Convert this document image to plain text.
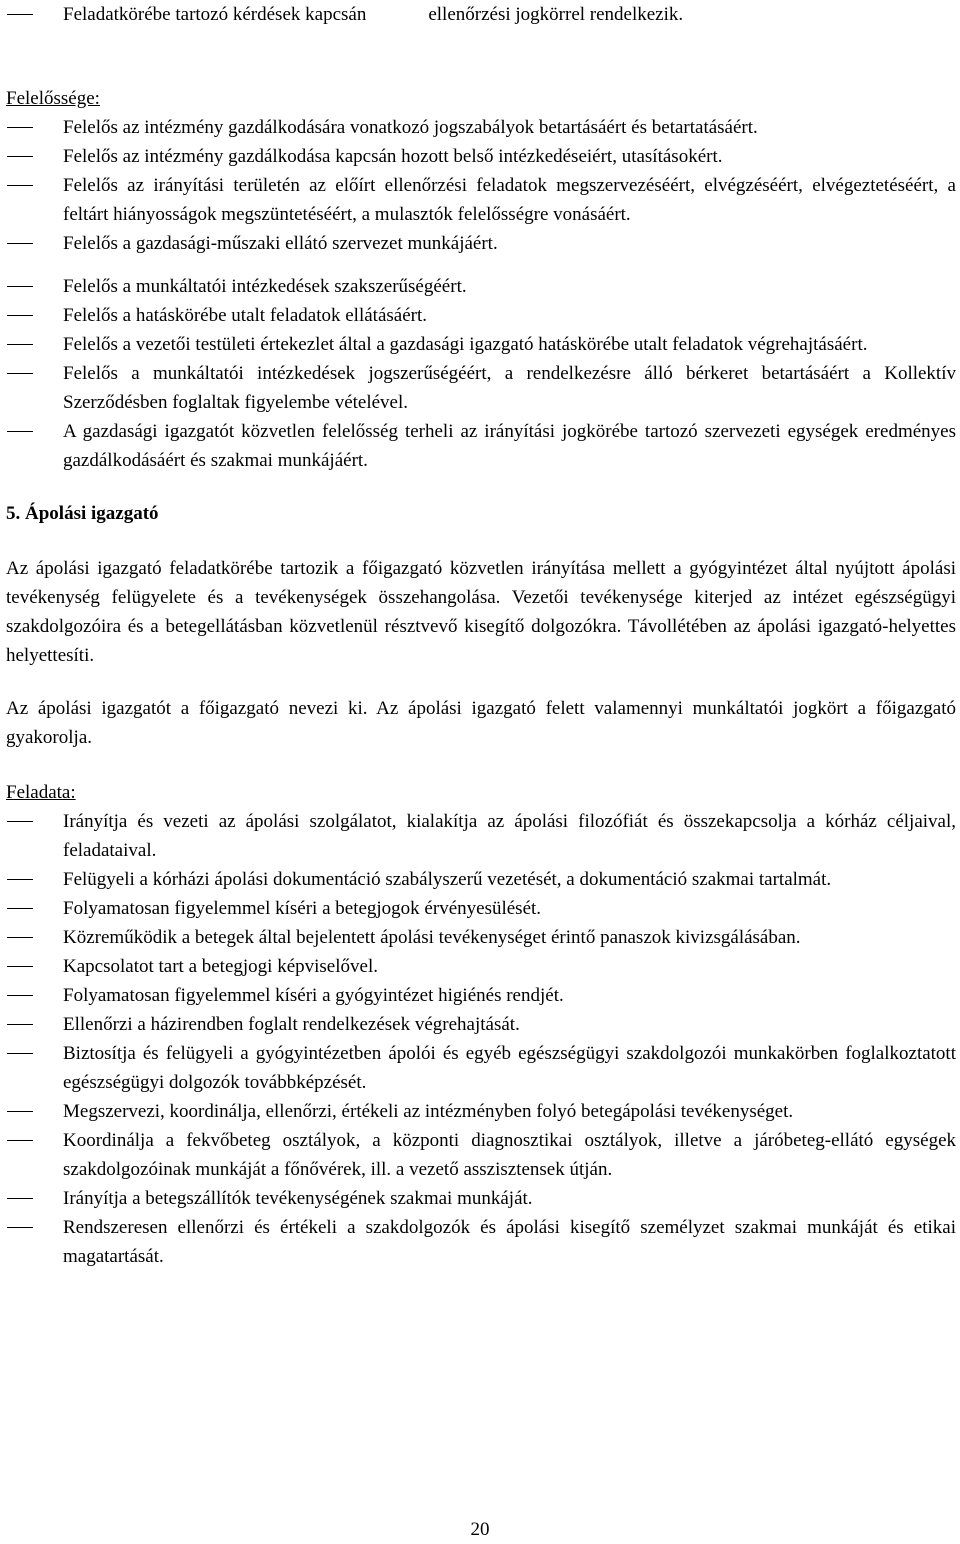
Feladatkörébe tartozó kérdések kapcsán	ellenőrzési jogkörrel rendelkezik.
Felelőssége:
Felelős az intézmény gazdálkodására vonatkozó jogszabályok betartásáért és betartatásáért.
Felelős az intézmény gazdálkodása kapcsán hozott belső intézkedéseiért, utasításokért.
Felelős az irányítási területén az előírt ellenőrzési feladatok megszervezéséért, elvégzéséért, elvégeztetéséért, a feltárt hiányosságok megszüntetéséért, a mulasztók felelősségre vonásáért.
Felelős a gazdasági-műszaki ellátó szervezet munkájáért.
Felelős a munkáltatói intézkedések szakszerűségéért.
Felelős a hatáskörébe utalt feladatok ellátásáért.
Felelős a vezetői testületi értekezlet által a gazdasági igazgató hatáskörébe utalt feladatok végrehajtásáért.
Felelős a munkáltatói intézkedések jogszerűségéért, a rendelkezésre álló bérkeret betartásáért a Kollektív Szerződésben foglaltak figyelembe vételével.
A gazdasági igazgatót közvetlen felelősség terheli az irányítási jogkörébe tartozó szervezeti egységek eredményes gazdálkodásáért és szakmai munkájáért.
5. Ápolási igazgató
Az ápolási igazgató feladatkörébe tartozik a főigazgató közvetlen irányítása mellett a gyógyintézet által nyújtott ápolási tevékenység felügyelete és a tevékenységek összehangolása. Vezetői tevékenysége kiterjed az intézet egészségügyi szakdolgozóira és a betegellátásban közvetlenül résztvevő kisegítő dolgozókra. Távollétében az ápolási igazgató-helyettes helyettesíti.
Az ápolási igazgatót a főigazgató nevezi ki. Az ápolási igazgató felett valamennyi munkáltatói jogkört a főigazgató gyakorolja.
Feladata:
Irányítja és vezeti az ápolási szolgálatot, kialakítja az ápolási filozófiát és összekapcsolja a kórház céljaival, feladataival.
Felügyeli a kórházi ápolási dokumentáció szabályszerű vezetését, a dokumentáció szakmai tartalmát.
Folyamatosan figyelemmel kíséri a betegjogok érvényesülését.
Közreműködik a betegek által bejelentett ápolási tevékenységet érintő panaszok kivizsgálásában.
Kapcsolatot tart a betegjogi képviselővel.
Folyamatosan figyelemmel kíséri a gyógyintézet higiénés rendjét.
Ellenőrzi a házirendben foglalt rendelkezések végrehajtását.
Biztosítja és felügyeli a gyógyintézetben ápolói és egyéb egészségügyi szakdolgozói munkakörben foglalkoztatott egészségügyi dolgozók továbbképzését.
Megszervezi, koordinálja, ellenőrzi, értékeli az intézményben folyó betegápolási tevékenységet.
Koordinálja a fekvőbeteg osztályok, a központi diagnosztikai osztályok, illetve a járóbeteg-ellátó egységek szakdolgozóinak munkáját a főnővérek, ill. a vezető asszisztensek útján.
Irányítja a betegszállítók tevékenységének szakmai munkáját.
Rendszeresen ellenőrzi és értékeli a szakdolgozók és ápolási kisegítő személyzet szakmai munkáját és etikai magatartását.
20
